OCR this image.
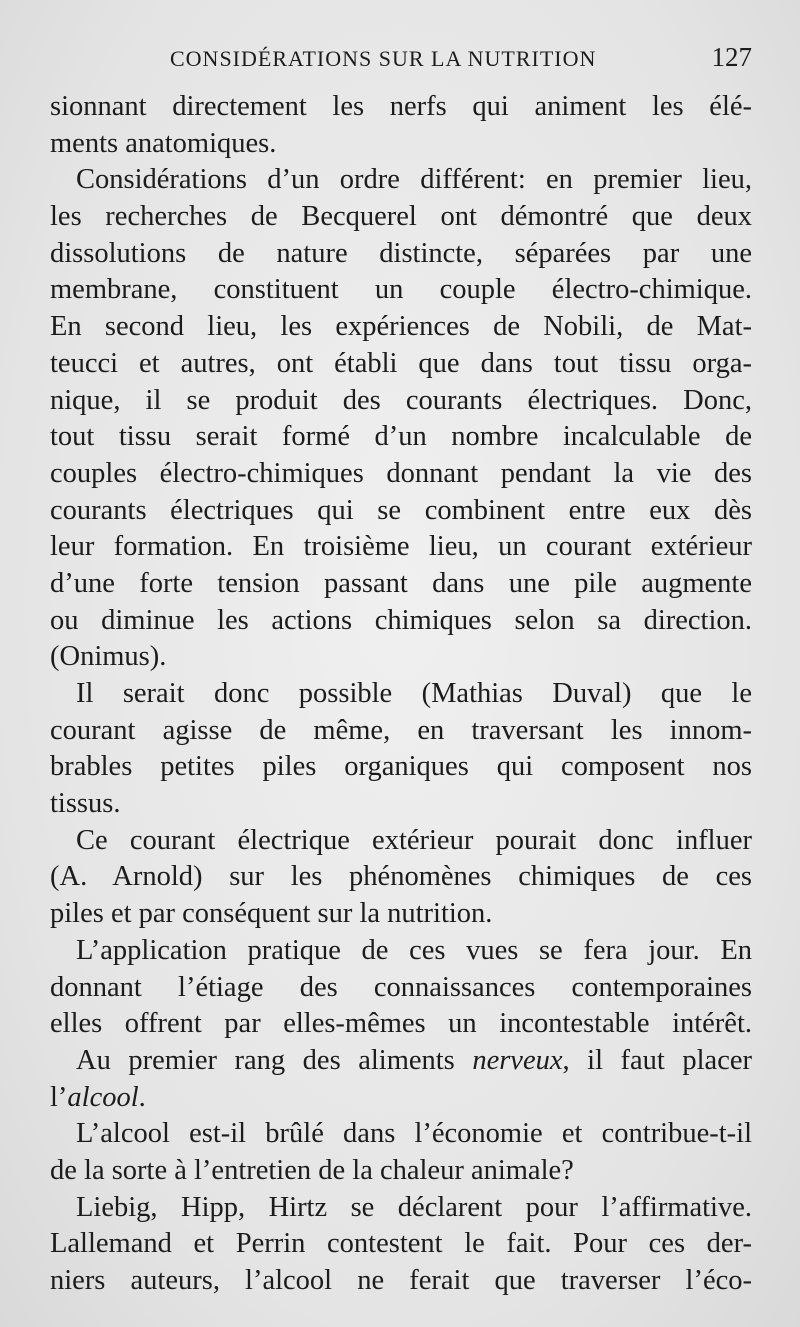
CONSIDÉRATIONS SUR LA NUTRITION	127
sionnant directement les nerfs qui animent les élé-
ments anatomiques.
Considérations d’un ordre différent: en premier lieu,
les recherches de Becquerel ont démontré que deux
dissolutions de nature distincte, séparées par une
membrane, constituent un couple électro-chimique.
En second lieu, les expériences de Nobili, de Mat-
teucci et autres, ont établi que dans tout tissu orga-
nique, il se produit des courants électriques. Donc,
tout tissu serait formé d’un nombre incalculable de
couples électro-chimiques donnant pendant la vie des
courants électriques qui se combinent entre eux dès
leur formation. En troisième lieu, un courant extérieur
d’une forte tension passant dans une pile augmente
ou diminue les actions chimiques selon sa direction.
(Onimus).
Il serait donc possible (Mathias Duval) que le
courant agisse de même, en traversant les innom-
brables petites piles organiques qui composent nos
tissus.
Ce courant électrique extérieur pourait donc influer
(A. Arnold) sur les phénomènes chimiques de ces
piles et par conséquent sur la nutrition.
L’application pratique de ces vues se fera jour. En
donnant l’étiage des connaissances contemporaines
elles offrent par elles-mêmes un incontestable intérêt.
Au premier rang des aliments nerveux, il faut placer
l’alcool.
L’alcool est-il brûlé dans l’économie et contribue-t-il
de la sorte à l’entretien de la chaleur animale?
Liebig, Hipp, Hirtz se déclarent pour l’affirmative.
Lallemand et Perrin contestent le fait. Pour ces der-
niers auteurs, l’alcool ne ferait que traverser l’éco-
